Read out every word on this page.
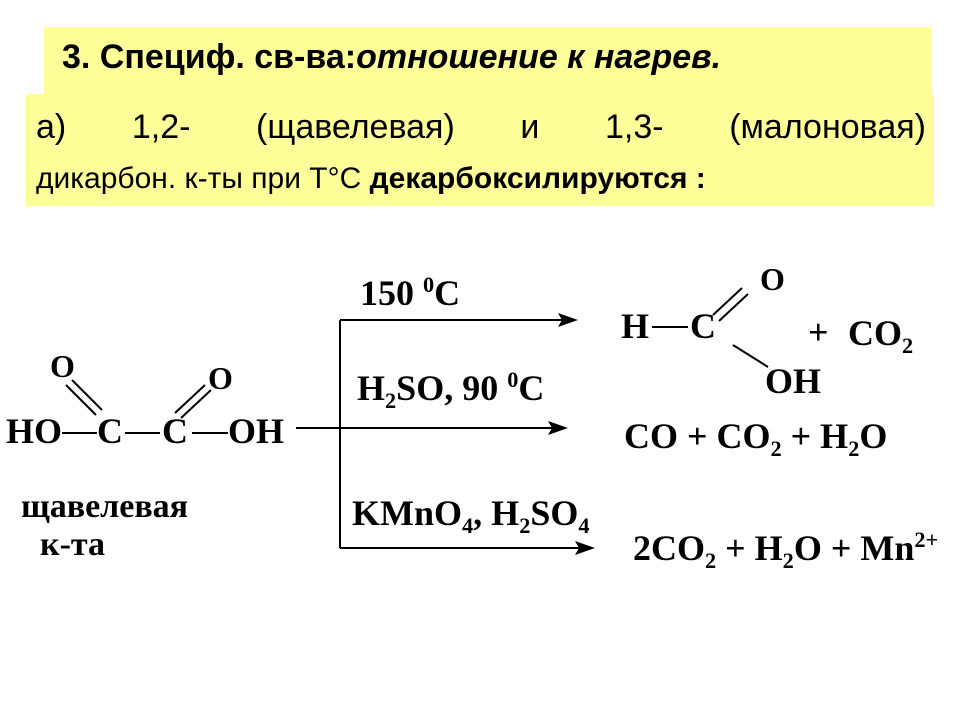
3. Специф. св-ва:отношение к нагрев.
а) 1,2- (щавелевая) и 1,3- (малоновая)
дикарбон. к-ты при Т°С декарбоксилируются :
O	O
HO C C OH
щавелевая
к-та
150 $^0$C
$H_2SO$, 90 $^0$C
KMnO$_4$, $H_2SO_4$
H C
O
OH
+ $CO_2$
CO + $CO_2 + H_2O$
$2CO_2 + H_2O + Mn^{2+}$
